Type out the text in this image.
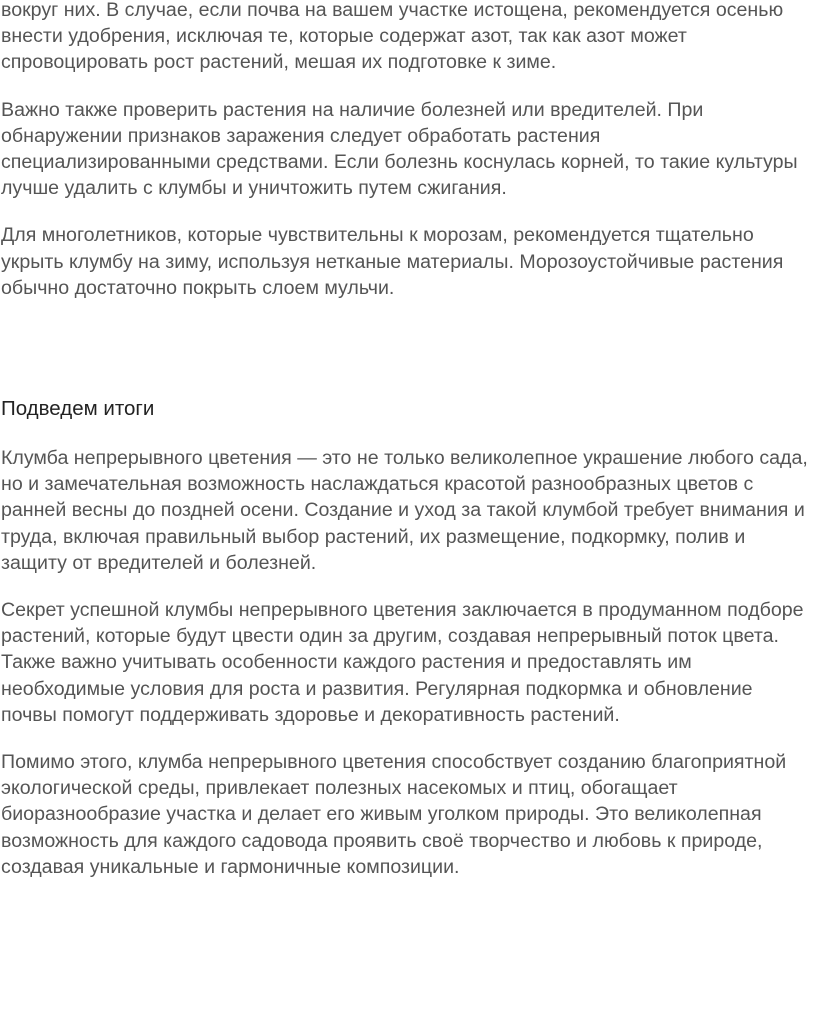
вокруг них. В случае, если почва на вашем участке истощена, рекомендуется осенью внести удобрения, исключая те, которые содержат азот, так как азот может спровоцировать рост растений, мешая их подготовке к зиме.

Важно также проверить растения на наличие болезней или вредителей. При обнаружении признаков заражения следует обработать растения специализированными средствами. Если болезнь коснулась корней, то такие культуры лучше удалить с клумбы и уничтожить путем сжигания.

Для многолетников, которые чувствительны к морозам, рекомендуется тщательно укрыть клумбу на зиму, используя нетканые материалы. Морозоустойчивые растения обычно достаточно покрыть слоем мульчи.

Подведем итоги

Клумба непрерывного цветения — это не только великолепное украшение любого сада, но и замечательная возможность наслаждаться красотой разнообразных цветов с ранней весны до поздней осени. Создание и уход за такой клумбой требует внимания и труда, включая правильный выбор растений, их размещение, подкормку, полив и защиту от вредителей и болезней.

Секрет успешной клумбы непрерывного цветения заключается в продуманном подборе растений, которые будут цвести один за другим, создавая непрерывный поток цвета. Также важно учитывать особенности каждого растения и предоставлять им необходимые условия для роста и развития. Регулярная подкормка и обновление почвы помогут поддерживать здоровье и декоративность растений.

Помимо этого, клумба непрерывного цветения способствует созданию благоприятной экологической среды, привлекает полезных насекомых и птиц, обогащает биоразнообразие участка и делает его живым уголком природы. Это великолепная возможность для каждого садовода проявить своё творчество и любовь к природе, создавая уникальные и гармоничные композиции.
